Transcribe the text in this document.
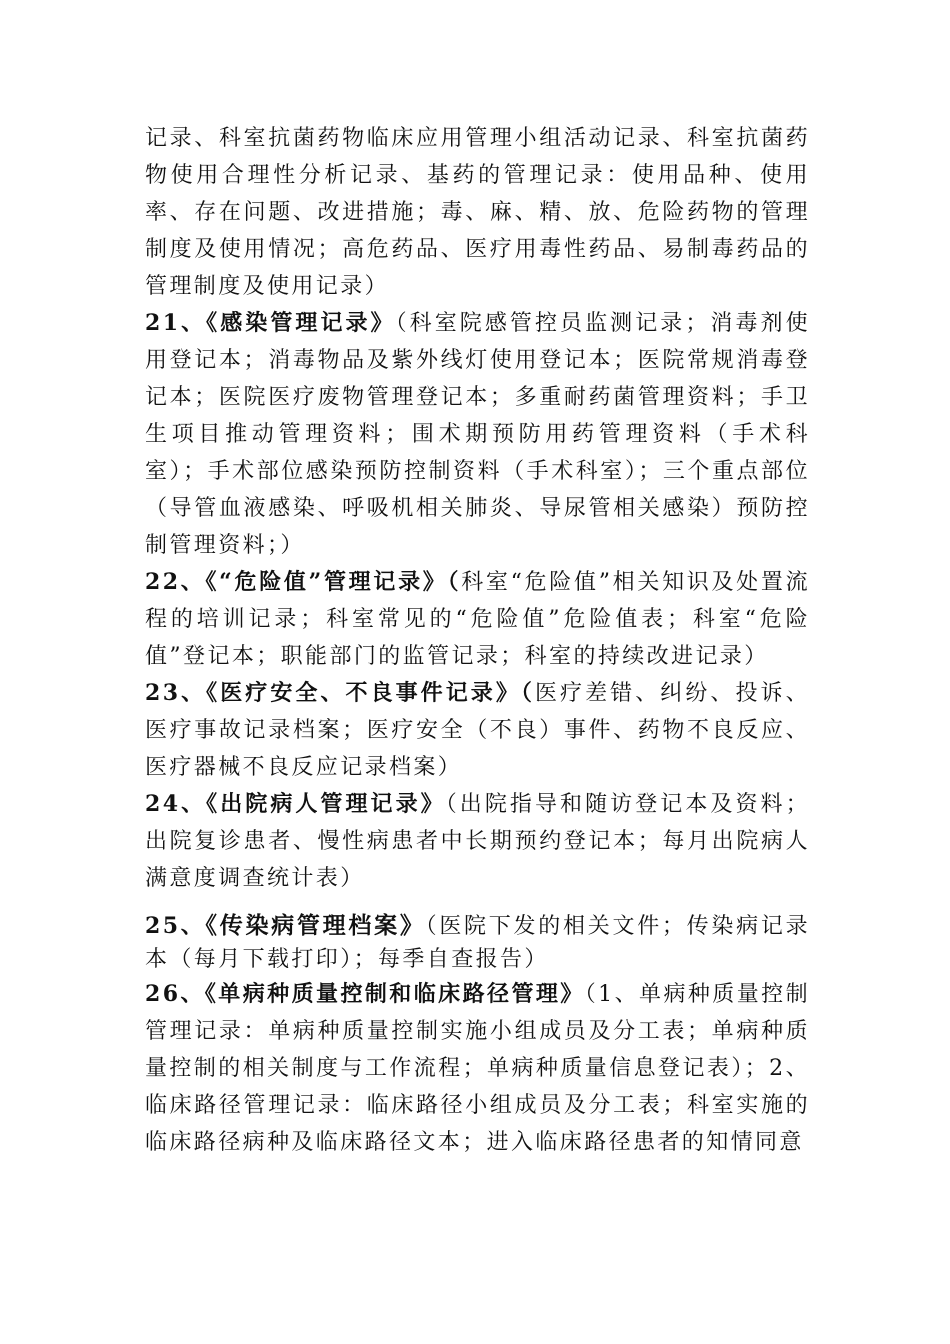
记录、科室抗菌药物临床应用管理小组活动记录、科室抗菌药物使用合理性分析记录、基药的管理记录：使用品种、使用率、存在问题、改进措施；毒、麻、精、放、危险药物的管理制度及使用情况；高危药品、医疗用毒性药品、易制毒药品的管理制度及使用记录）

21、《感染管理记录》（科室院感管控员监测记录；消毒剂使用登记本；消毒物品及紫外线灯使用登记本；医院常规消毒登记本；医院医疗废物管理登记本；多重耐药菌管理资料；手卫生项目推动管理资料；围术期预防用药管理资料（手术科室）；手术部位感染预防控制资料（手术科室）；三个重点部位（导管血液感染、呼吸机相关肺炎、导尿管相关感染）预防控制管理资料；）

22、《“危险值”管理记录》（科室“危险值”相关知识及处置流程的培训记录；科室常见的“危险值”危险值表；科室“危险值”登记本；职能部门的监管记录；科室的持续改进记录）

23、《医疗安全、不良事件记录》（医疗差错、纠纷、投诉、医疗事故记录档案；医疗安全（不良）事件、药物不良反应、医疗器械不良反应记录档案）

24、《出院病人管理记录》（出院指导和随访登记本及资料；出院复诊患者、慢性病患者中长期预约登记本；每月出院病人满意度调查统计表）

25、《传染病管理档案》（医院下发的相关文件；传染病记录本（每月下载打印）；每季自查报告）

26、《单病种质量控制和临床路径管理》（1、单病种质量控制管理记录：单病种质量控制实施小组成员及分工表；单病种质量控制的相关制度与工作流程；单病种质量信息登记表）；2、临床路径管理记录：临床路径小组成员及分工表；科室实施的临床路径病种及临床路径文本；进入临床路径患者的知情同意
